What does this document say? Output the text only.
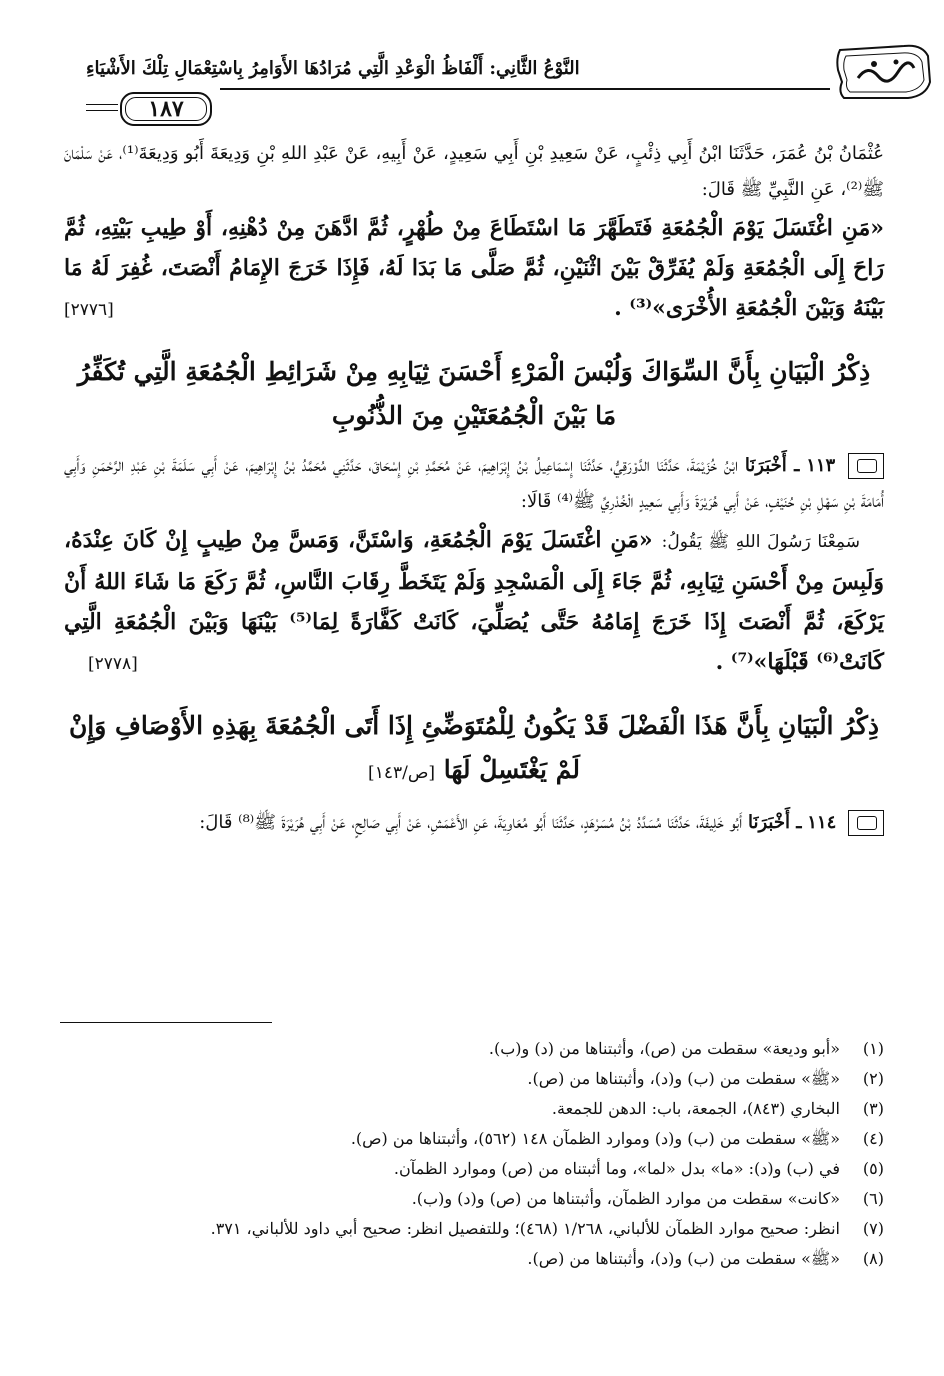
النَّوْعُ الثَّانِي: أَلْفَاظُ الْوَعْدِ الَّتِي مُرَادُهَا الأَوَامِرُ بِاسْتِعْمَالِ تِلْكَ الأَشْيَاءِ
١٨٧

عُثْمَانُ بْنُ عُمَرَ، حَدَّثَنَا ابْنُ أَبِي ذِئْبٍ، عَنْ سَعِيدِ بْنِ أَبِي سَعِيدٍ، عَنْ أَبِيهِ، عَنْ عَبْدِ اللهِ بْنِ وَدِيعَةَ أَبُو وَدِيعَةَ⁽¹⁾، عَنْ سَلْمَانَ ﷺ⁽²⁾، عَنِ النَّبِيِّ ﷺ قَالَ:

«مَنِ اغْتَسَلَ يَوْمَ الْجُمُعَةِ فَتَطَهَّرَ مَا اسْتَطَاعَ مِنْ طُهْرٍ، ثُمَّ ادَّهَنَ مِنْ دُهْنِهِ، أَوْ طِيبِ بَيْتِهِ، ثُمَّ رَاحَ إِلَى الْجُمُعَةِ وَلَمْ يُفَرِّقْ بَيْنَ اثْنَيْنِ، ثُمَّ صَلَّى مَا بَدَا لَهُ، فَإِذَا خَرَجَ الإِمَامُ أَنْصَتَ، غُفِرَ لَهُ مَا بَيْنَهُ وَبَيْنَ الْجُمُعَةِ الأُخْرَى»⁽³⁾ .
[٢٧٧٦]

ذِكْرُ الْبَيَانِ بِأَنَّ السِّوَاكَ وَلُبْسَ الْمَرْءِ أَحْسَنَ ثِيَابِهِ مِنْ شَرَائِطِ الْجُمُعَةِ الَّتِي تُكَفِّرُ مَا بَيْنَ الْجُمُعَتَيْنِ مِنَ الذُّنُوبِ

١١٣ ـ أَخْبَرَنَا ابْنُ خُزَيْمَةَ، حَدَّثَنَا الدَّوْرَقِيُّ، حَدَّثَنَا إِسْمَاعِيلُ بْنُ إِبْرَاهِيمَ، عَنْ مُحَمَّدِ بْنِ إِسْحَاقَ، حَدَّثَنِي مُحَمَّدُ بْنُ إِبْرَاهِيمَ، عَنْ أَبِي سَلَمَةَ بْنِ عَبْدِ الرَّحْمَنِ وَأَبِي أُمَامَةَ بْنِ سَهْلِ بْنِ حُنَيْفٍ، عَنْ أَبِي هُرَيْرَةَ وَأَبِي سَعِيدٍ الْخُدْرِيِّ ﷺ⁽⁴⁾ قَالَا:

سَمِعْنَا رَسُولَ اللهِ ﷺ يَقُولُ: «مَنِ اغْتَسَلَ يَوْمَ الْجُمُعَةِ، وَاسْتَنَّ، وَمَسَّ مِنْ طِيبٍ إِنْ كَانَ عِنْدَهُ، وَلَبِسَ مِنْ أَحْسَنِ ثِيَابِهِ، ثُمَّ جَاءَ إِلَى الْمَسْجِدِ وَلَمْ يَتَخَطَّ رِقَابَ النَّاسِ، ثُمَّ رَكَعَ مَا شَاءَ اللهُ أَنْ يَرْكَعَ، ثُمَّ أَنْصَتَ إِذَا خَرَجَ إِمَامُهُ حَتَّى يُصَلِّيَ، كَانَتْ كَفَّارَةً لِمَا⁽⁵⁾ بَيْنَهَا وَبَيْنَ الْجُمُعَةِ الَّتِي كَانَتْ⁽⁶⁾ قَبْلَهَا»⁽⁷⁾ .
[٢٧٧٨]

ذِكْرُ الْبَيَانِ بِأَنَّ هَذَا الْفَضْلَ قَدْ يَكُونُ لِلْمُتَوَضِّئِ إِذَا أَتَى الْجُمُعَةَ بِهَذِهِ الأَوْصَافِ وَإِنْ لَمْ يَغْتَسِلْ لَهَا [ص/١٤٣]

١١٤ ـ أَخْبَرَنَا أَبُو خَلِيفَةَ، حَدَّثَنَا مُسَدَّدُ بْنُ مُسَرْهَدٍ، حَدَّثَنَا أَبُو مُعَاوِيَةَ، عَنِ الأَعْمَشِ، عَنْ أَبِي صَالِحٍ، عَنْ أَبِي هُرَيْرَةَ ﷺ⁽⁸⁾ قَالَ:

(١)
«أبو وديعة» سقطت من (ص)، وأثبتناها من (د) و(ب).
(٢)
«ﷺ» سقطت من (ب) و(د)، وأثبتناها من (ص).
(٣)
البخاري (٨٤٣)، الجمعة، باب: الدهن للجمعة.
(٤)
«ﷺ» سقطت من (ب) و(د) وموارد الظمآن ١٤٨ (٥٦٢)، وأثبتناها من (ص).
(٥)
في (ب) و(د): «ما» بدل «لما»، وما أثبتناه من (ص) وموارد الظمآن.
(٦)
«كانت» سقطت من موارد الظمآن، وأثبتناها من (ص) و(د) و(ب).
(٧)
انظر: صحيح موارد الظمآن للألباني، ١/٢٦٨ (٤٦٨)؛ وللتفصيل انظر: صحيح أبي داود للألباني، ٣٧١.
(٨)
«ﷺ» سقطت من (ب) و(د)، وأثبتناها من (ص).
